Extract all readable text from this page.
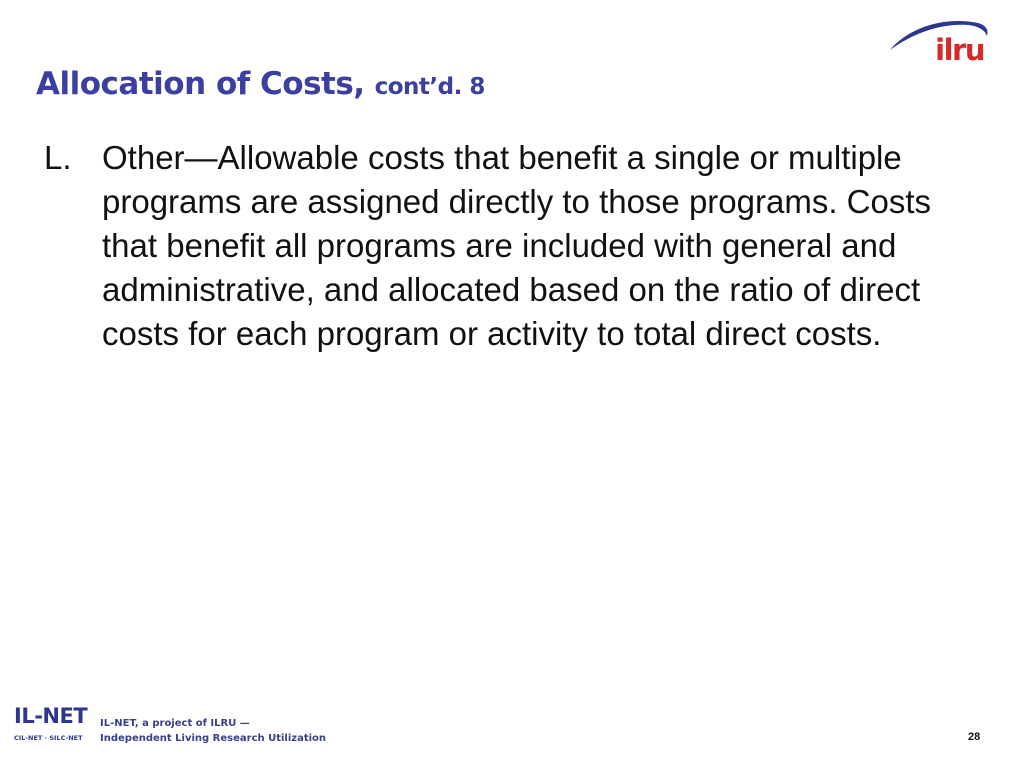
Allocation of Costs, cont’d. 8
ilru
L. Other—Allowable costs that benefit a single or multiple programs are assigned directly to those programs. Costs that benefit all programs are included with general and administrative, and allocated based on the ratio of direct costs for each program or activity to total direct costs.
IL-NET
CIL-NET · SILC-NET
IL-NET, a project of ILRU —
Independent Living Research Utilization	28
